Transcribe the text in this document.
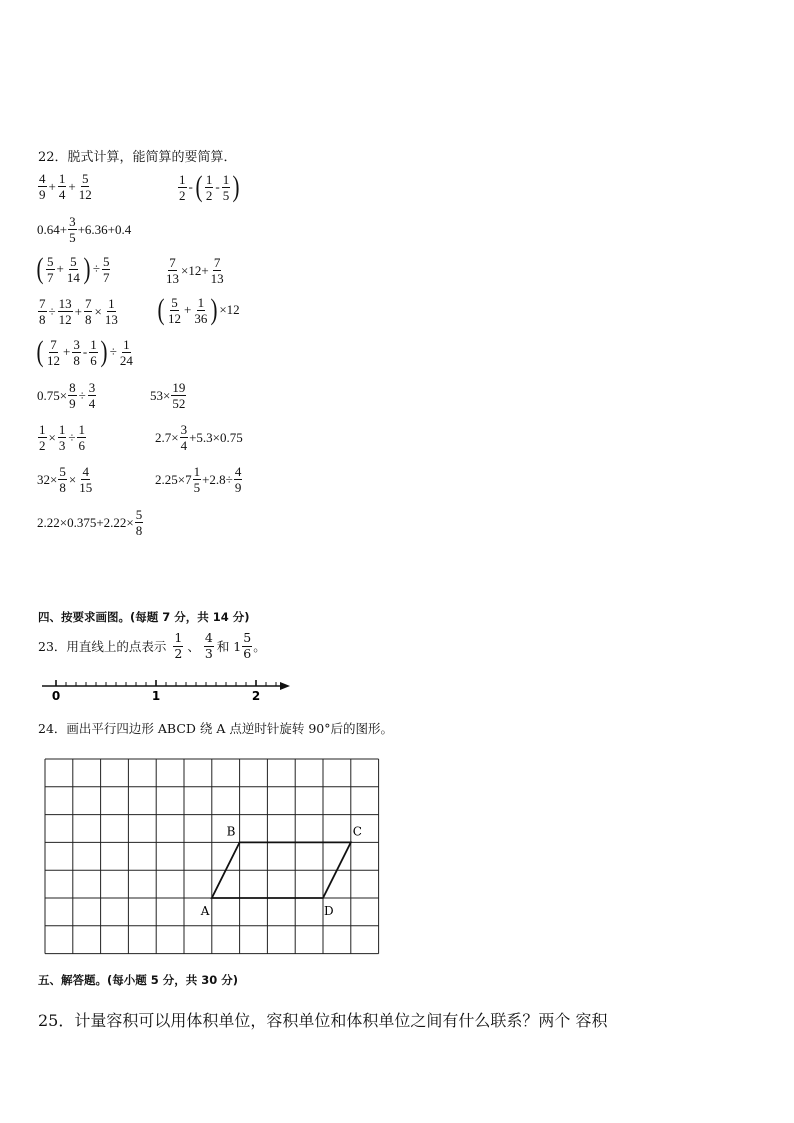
22．脱式计算，能简算的要简算．
$\frac{4}{9} + \frac{1}{4} + \frac{5}{12}$	$\frac{1}{2}$ - ( $\frac{1}{2} - \frac{1}{5}$ )
$0.64+ \frac{3}{5} +6.36+0.4$
( $\frac{5}{7} + \frac{5}{14}$ ) ÷ $\frac{5}{7}$	$\frac{7}{13} \times 12+ \frac{7}{13}$
$\frac{7}{8} \div \frac{13}{12} + \frac{7}{8} \times \frac{1}{13}$ ( $\frac{5}{12} + \frac{1}{36}$ ) ×12
( $\frac{7}{12} + \frac{3}{8} - \frac{1}{6}$ ) ÷ $\frac{1}{24}$
$0.75\times \frac{8}{9} \div \frac{3}{4}$	$53\times \frac{19}{52}$
$\frac{1}{2} \times \frac{1}{3} \div \frac{1}{6}$	$2.7\times \frac{3}{4} +5.3\times 0.75$
$32\times \frac{5}{8} \times \frac{4}{15}$	$2.25\times 7 \frac{1}{5} +2.8\div \frac{4}{9}$
$2.22\times 0.375+2.22\times \frac{5}{8}$
四、按要求画图。(每题 7 分，共 14 分)
23．用直线上的点表示 $\frac{1}{2}$ 、 $\frac{4}{3}$ 和 $1 \frac{5}{6}$ 。
0	1	2
24．画出平行四边形 ABCD 绕 A 点逆时针旋转 90°后的图形。
A
B	C
D
五、解答题。(每小题 5 分，共 30 分)
25．计量容积可以用体积单位，容积单位和体积单位之间有什么联系？两个 容积
